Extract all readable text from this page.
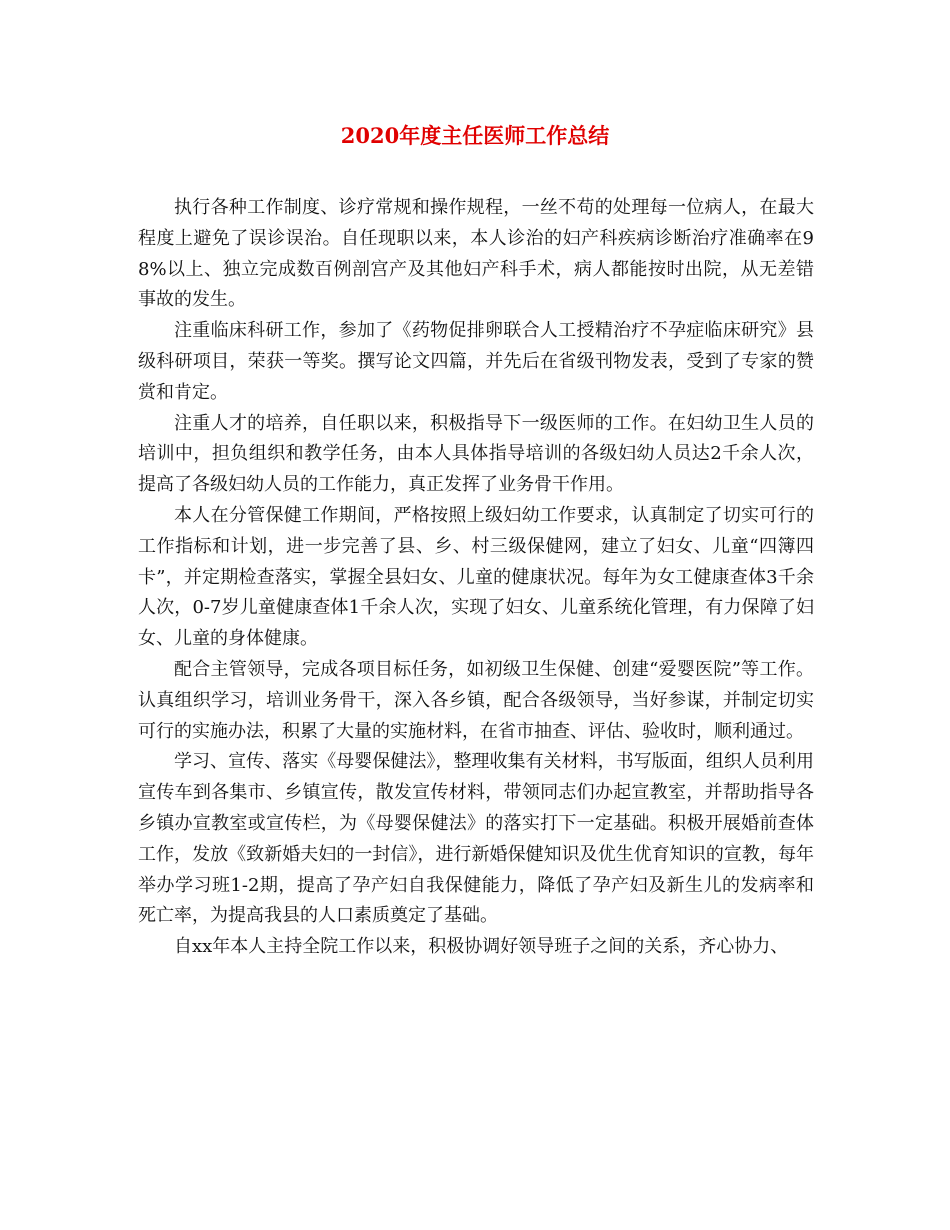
2020年度主任医师工作总结

执行各种工作制度、诊疗常规和操作规程，一丝不苟的处理每一位病人，在最大程度上避免了误诊误治。自任现职以来，本人诊治的妇产科疾病诊断治疗准确率在98%以上、独立完成数百例剖宫产及其他妇产科手术，病人都能按时出院，从无差错事故的发生。

注重临床科研工作，参加了《药物促排卵联合人工授精治疗不孕症临床研究》县级科研项目，荣获一等奖。撰写论文四篇，并先后在省级刊物发表，受到了专家的赞赏和肯定。

注重人才的培养，自任职以来，积极指导下一级医师的工作。在妇幼卫生人员的培训中，担负组织和教学任务，由本人具体指导培训的各级妇幼人员达2千余人次，提高了各级妇幼人员的工作能力，真正发挥了业务骨干作用。

本人在分管保健工作期间，严格按照上级妇幼工作要求，认真制定了切实可行的工作指标和计划，进一步完善了县、乡、村三级保健网，建立了妇女、儿童“四簿四卡”，并定期检查落实，掌握全县妇女、儿童的健康状况。每年为女工健康查体3千余人次，0-7岁儿童健康查体1千余人次，实现了妇女、儿童系统化管理，有力保障了妇女、儿童的身体健康。

配合主管领导，完成各项目标任务，如初级卫生保健、创建“爱婴医院”等工作。认真组织学习，培训业务骨干，深入各乡镇，配合各级领导，当好参谋，并制定切实可行的实施办法，积累了大量的实施材料，在省市抽查、评估、验收时，顺利通过。

学习、宣传、落实《母婴保健法》，整理收集有关材料，书写版面，组织人员利用宣传车到各集市、乡镇宣传，散发宣传材料，带领同志们办起宣教室，并帮助指导各乡镇办宣教室或宣传栏，为《母婴保健法》的落实打下一定基础。积极开展婚前查体工作，发放《致新婚夫妇的一封信》，进行新婚保健知识及优生优育知识的宣教，每年举办学习班1-2期，提高了孕产妇自我保健能力，降低了孕产妇及新生儿的发病率和死亡率，为提高我县的人口素质奠定了基础。

自xx年本人主持全院工作以来，积极协调好领导班子之间的关系，齐心协力、
